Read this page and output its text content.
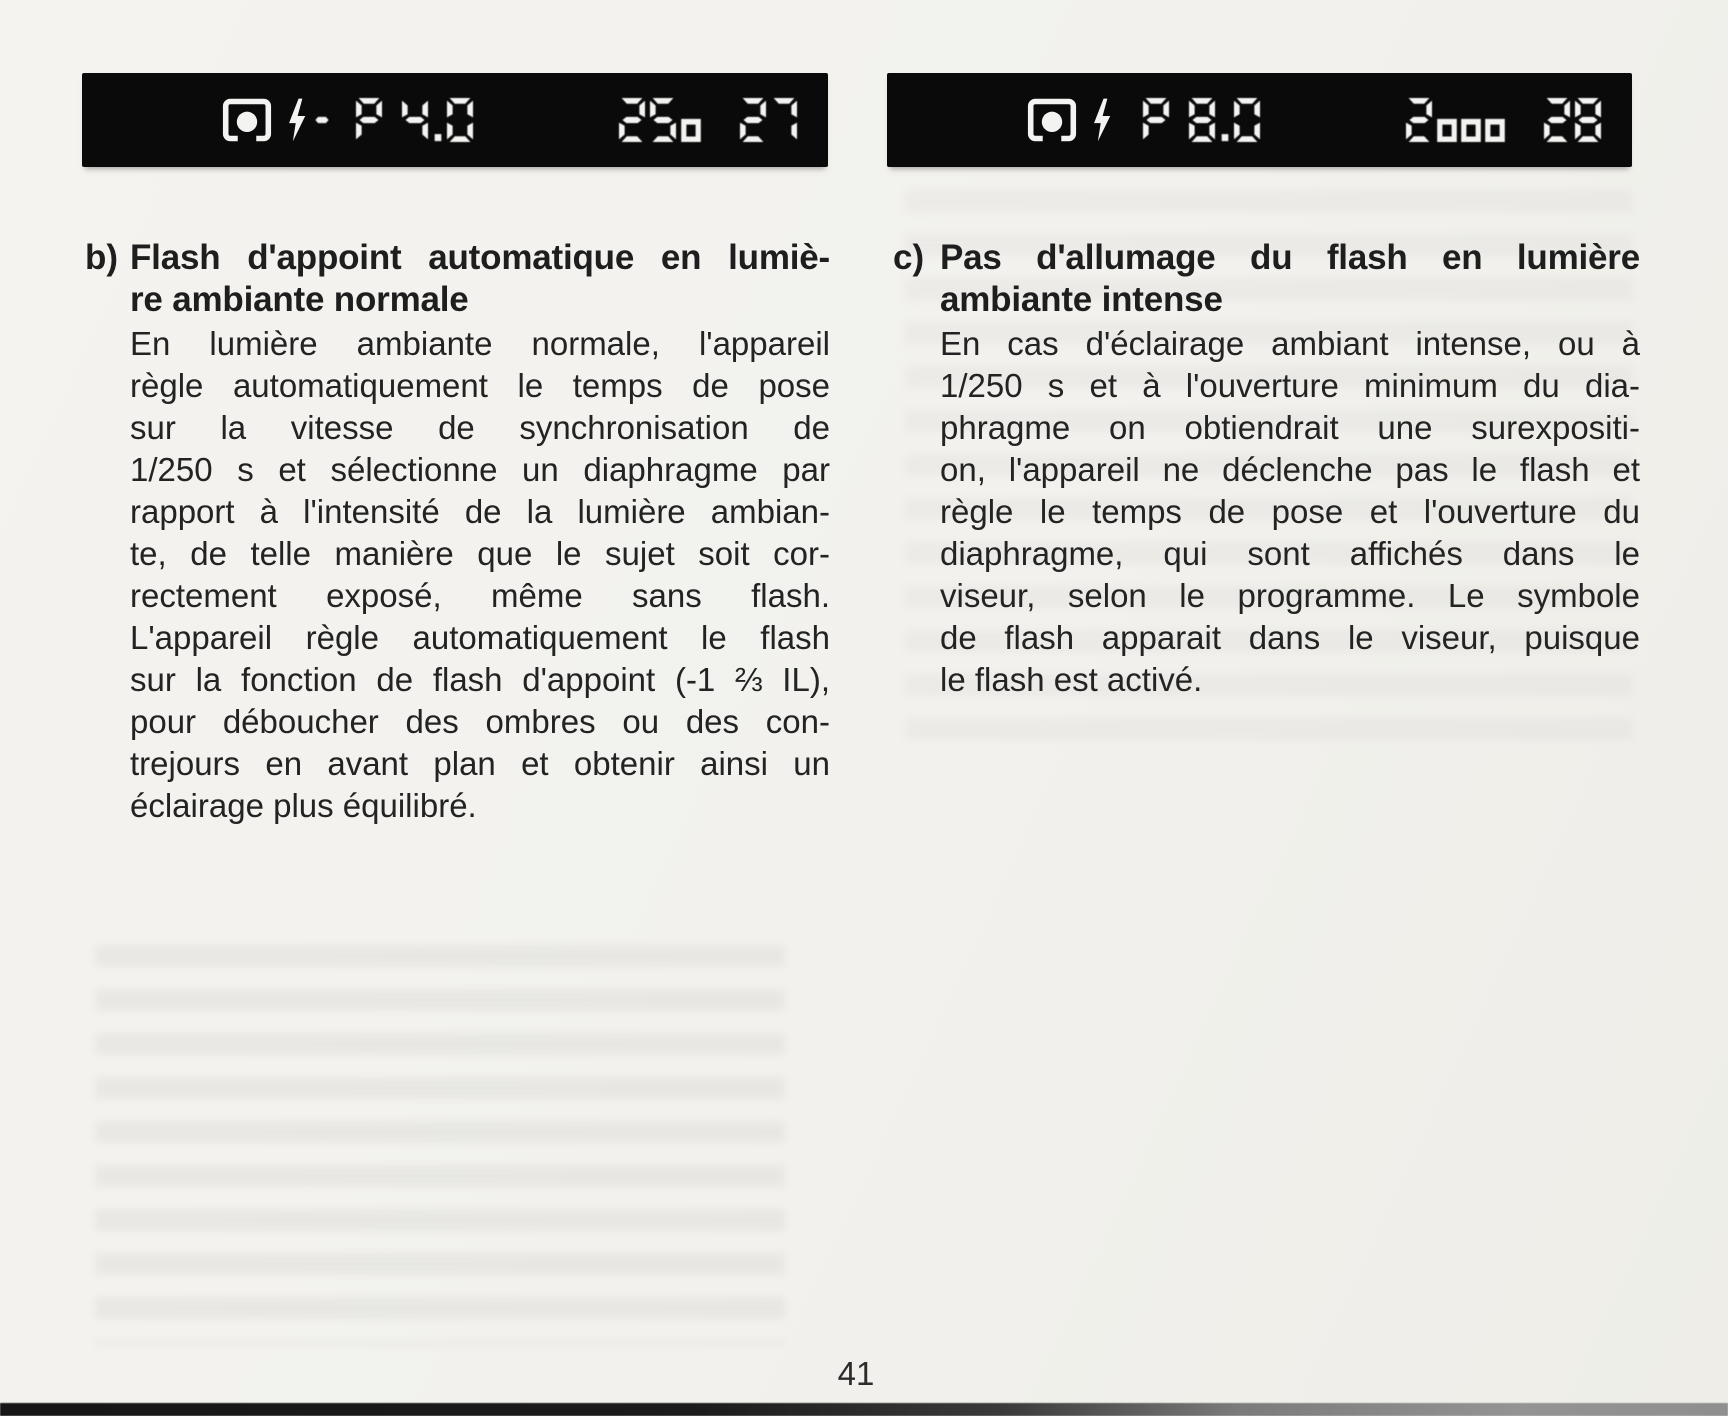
b) Flash d'appoint automatique en lumiè-
re ambiante normale
En lumière ambiante normale, l'appareil
règle automatiquement le temps de pose
sur la vitesse de synchronisation de
1/250 s et sélectionne un diaphragme par
rapport à l'intensité de la lumière ambian-
te, de telle manière que le sujet soit cor-
rectement exposé, même sans flash.
L'appareil règle automatiquement le flash
sur la fonction de flash d'appoint (-1 ⅔ IL),
pour déboucher des ombres ou des con-
trejours en avant plan et obtenir ainsi un
éclairage plus équilibré.
c) Pas d'allumage du flash en lumière
ambiante intense
En cas d'éclairage ambiant intense, ou à
1/250 s et à l'ouverture minimum du dia-
phragme on obtiendrait une surexpositi-
on, l'appareil ne déclenche pas le flash et
règle le temps de pose et l'ouverture du
diaphragme, qui sont affichés dans le
viseur, selon le programme. Le symbole
de flash apparait dans le viseur, puisque
le flash est activé.
41
